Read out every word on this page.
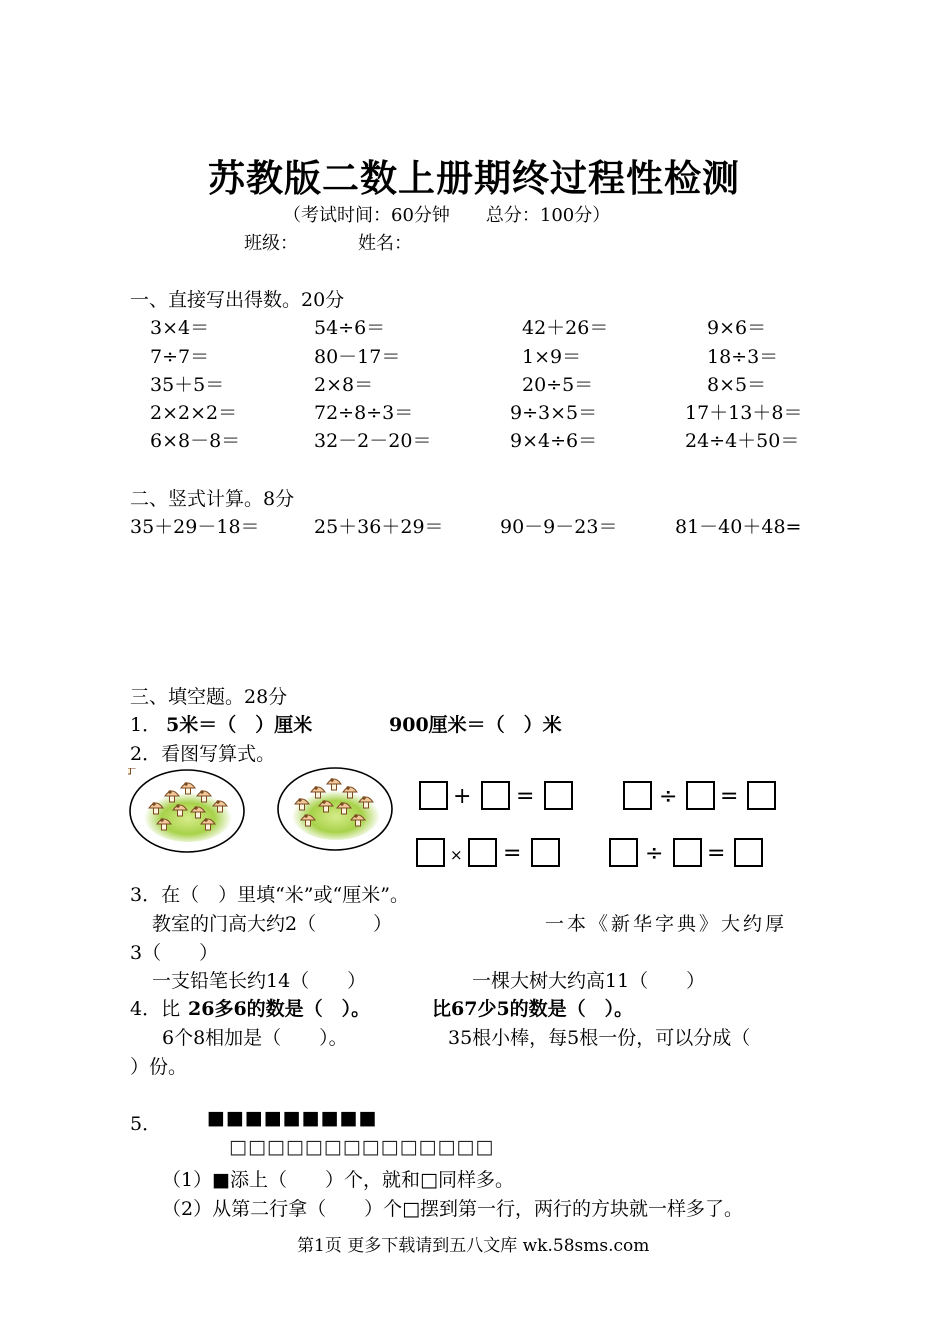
苏教版二数上册期终过程性检测
（考试时间：60分钟　　总分：100分）
班级：	姓名：
一、直接写出得数。20分
3×4＝	54÷6＝	42＋26＝	9×6＝
7÷7＝	80－17＝	1×9＝	18÷3＝
35＋5＝	2×8＝	20÷5＝	8×5＝
2×2×2＝	72÷8÷3＝	9÷3×5＝	17＋13＋8＝
6×8－8＝	32－2－20＝	9×4÷6＝	24÷4＋50＝
二、竖式计算。8分
35＋29－18＝	25＋36＋29＝	90－9－23＝	81－40＋48=
三、填空题。28分
1． 5米＝（　）厘米	900厘米＝（　）米
2．看图写算式。
+ =	÷ =
× =	÷ =
3．在（　）里填“米”或“厘米”。
教室的门高大约2（　　　）	一本《新华字典》大约厚
3（　　）
一支铅笔长约14（　　）	一棵大树大约高11（　　）
4．比 26多6的数是（　）。	比67少5的数是（　）。
6个8相加是（　　）。	35根小棒，每5根一份，可以分成（
）份。
5． ■■■■■■■■■
□□□□□□□□□□□□□□
（1）■添上（　　）个，就和□同样多。
（2）从第二行拿（　　）个□摆到第一行，两行的方块就一样多了。
第1页 更多下载请到五八文库 wk.58sms.com
